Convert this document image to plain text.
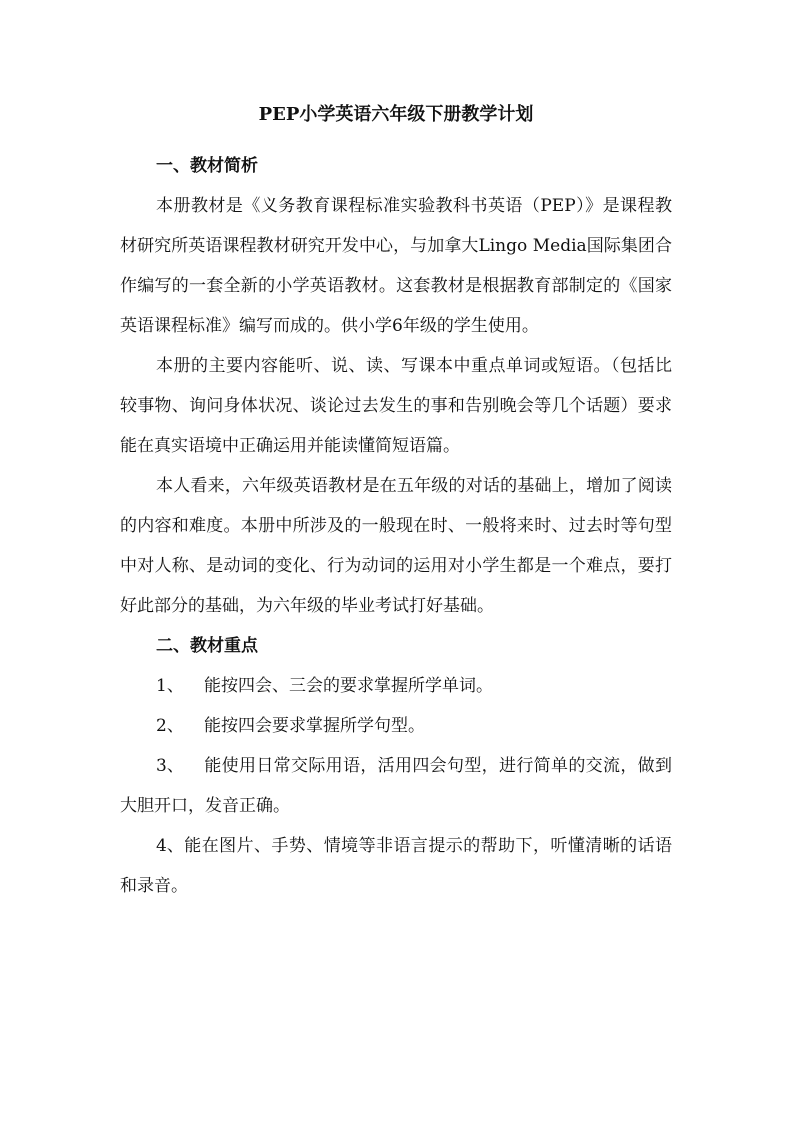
PEP小学英语六年级下册教学计划
一、教材简析

本册教材是《义务教育课程标准实验教科书英语（PEP）》是课程教材研究所英语课程教材研究开发中心，与加拿大Lingo Media国际集团合作编写的一套全新的小学英语教材。这套教材是根据教育部制定的《国家英语课程标准》编写而成的。供小学6年级的学生使用。

本册的主要内容能听、说、读、写课本中重点单词或短语。（包括比较事物、询问身体状况、谈论过去发生的事和告别晚会等几个话题）要求能在真实语境中正确运用并能读懂简短语篇。

本人看来，六年级英语教材是在五年级的对话的基础上，增加了阅读的内容和难度。本册中所涉及的一般现在时、一般将来时、过去时等句型中对人称、是动词的变化、行为动词的运用对小学生都是一个难点，要打好此部分的基础，为六年级的毕业考试打好基础。

二、教材重点

1、 能按四会、三会的要求掌握所学单词。

2、 能按四会要求掌握所学句型。

3、 能使用日常交际用语，活用四会句型，进行简单的交流，做到大胆开口，发音正确。

4、能在图片、手势、情境等非语言提示的帮助下，听懂清晰的话语和录音。
